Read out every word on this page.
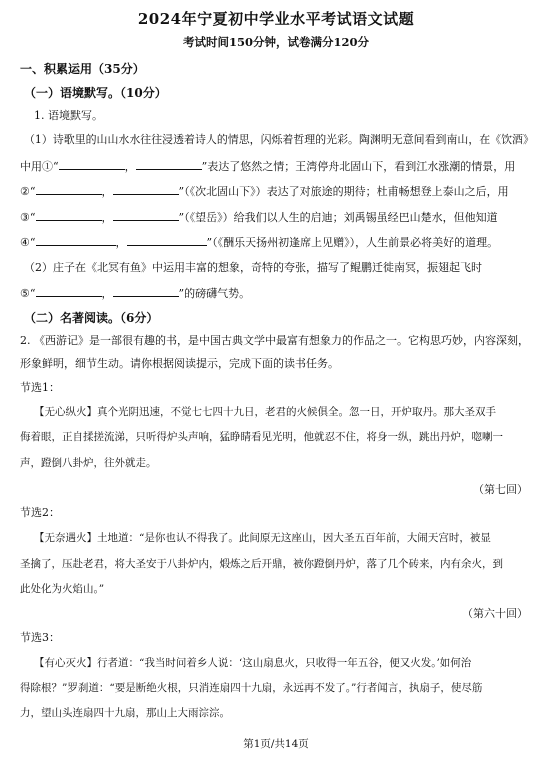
2024年宁夏初中学业水平考试语文试题
考试时间150分钟，试卷满分120分
一、积累运用（35分）
（一）语境默写。（10分）
1. 语境默写。
（1）诗歌里的山山水水往往浸透着诗人的情思，闪烁着哲理的光彩。陶渊明无意间看到南山，在《饮酒》
中用①“	，	”表达了悠然之情；王湾停舟北固山下，看到江水涨潮的情景，用
②“	，	”（《次北固山下》）表达了对旅途的期待；杜甫畅想登上泰山之后，用
③“	，	”（《望岳》）给我们以人生的启迪；刘禹锡虽经巴山楚水，但他知道
④“	，	”（《酬乐天扬州初逢席上见赠》），人生前景必将美好的道理。
（2）庄子在《北冥有鱼》中运用丰富的想象，奇特的夸张，描写了鲲鹏迁徙南冥，振翅起飞时
⑤“	，	”的磅礴气势。
（二）名著阅读。（6分）
2. 《西游记》是一部很有趣的书，是中国古典文学中最富有想象力的作品之一。它构思巧妙，内容深刻，
形象鲜明，细节生动。请你根据阅读提示，完成下面的读书任务。
节选1：
【无心纵火】真个光阴迅速，不觉七七四十九日，老君的火候俱全。忽一日，开炉取丹。那大圣双手
侮着眼，正自揉搓流涕，只听得炉头声响，猛睁睛看见光明，他就忍不住，将身一纵，跳出丹炉，唿喇一
声，蹬倒八卦炉，往外就走。
（第七回）
节选2：
【无奈遇火】土地道：“是你也认不得我了。此间原无这座山，因大圣五百年前，大闹天宫时，被显
圣擒了，压赴老君，将大圣安于八卦炉内，煅炼之后开鼎，被你蹬倒丹炉，落了几个砖来，内有余火，到
此处化为火焰山。”
（第六十回）
节选3：
【有心灭火】行者道：“我当时问着乡人说：‘这山扇息火，只收得一年五谷，便又火发。’如何治
得除根？”罗刹道：“要是断绝火根，只消连扇四十九扇，永远再不发了。”行者闻言，执扇子，使尽筋
力，望山头连扇四十九扇，那山上大雨淙淙。
第1页/共14页
